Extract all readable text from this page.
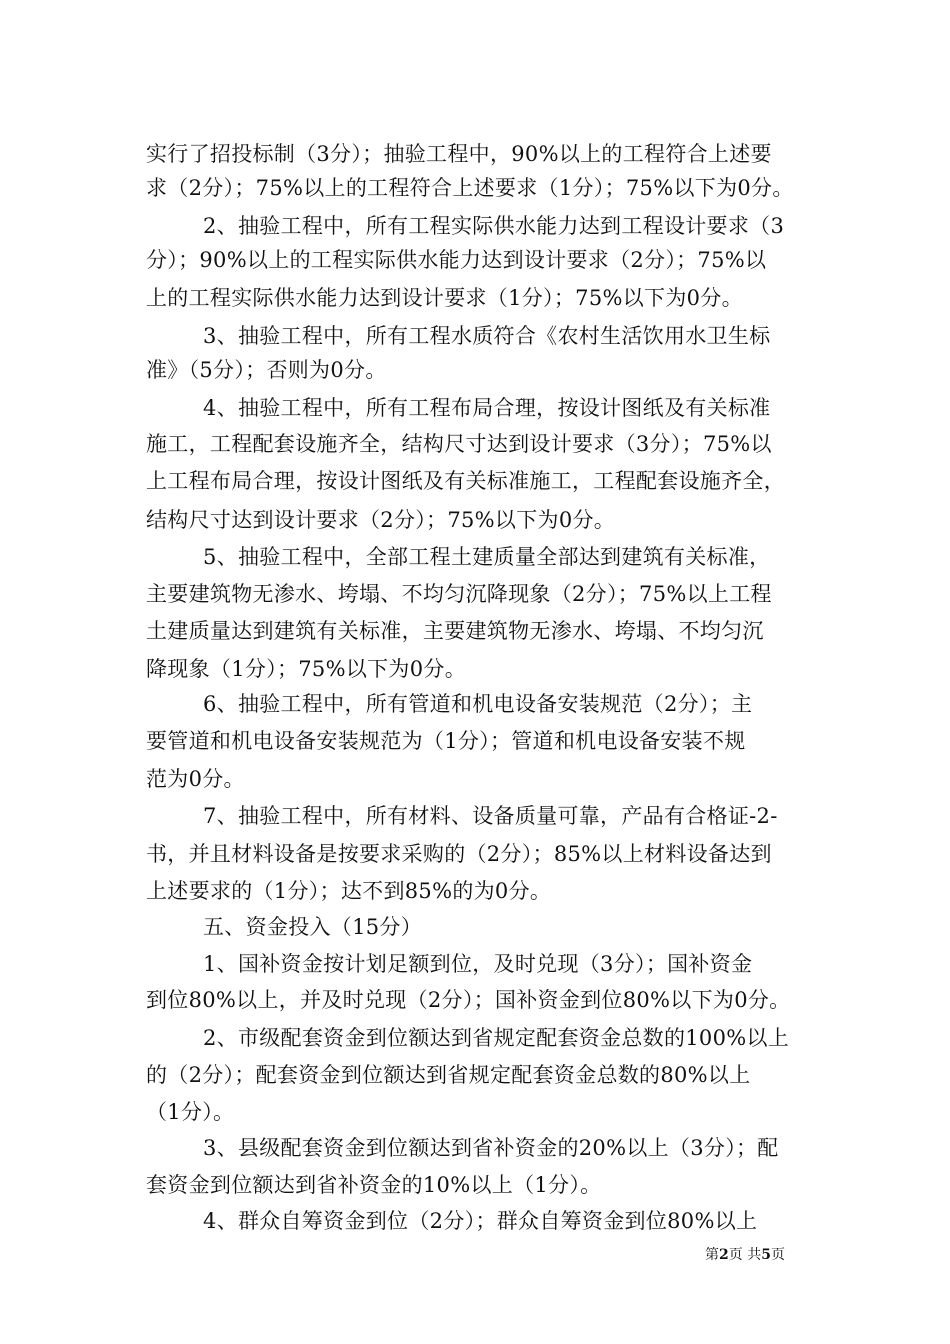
实行了招投标制（3分）；抽验工程中，90%以上的工程符合上述要
求（2分）；75%以上的工程符合上述要求（1分）；75%以下为0分。
2、抽验工程中，所有工程实际供水能力达到工程设计要求（3
分）；90%以上的工程实际供水能力达到设计要求（2分）；75%以
上的工程实际供水能力达到设计要求（1分）；75%以下为0分。
3、抽验工程中，所有工程水质符合《农村生活饮用水卫生标
准》（5分）；否则为0分。
4、抽验工程中，所有工程布局合理，按设计图纸及有关标准
施工，工程配套设施齐全，结构尺寸达到设计要求（3分）；75%以
上工程布局合理，按设计图纸及有关标准施工，工程配套设施齐全，
结构尺寸达到设计要求（2分）；75%以下为0分。
5、抽验工程中，全部工程土建质量全部达到建筑有关标准，
主要建筑物无渗水、垮塌、不均匀沉降现象（2分）；75%以上工程
土建质量达到建筑有关标准，主要建筑物无渗水、垮塌、不均匀沉
降现象（1分）；75%以下为0分。
6、抽验工程中，所有管道和机电设备安装规范（2分）；主
要管道和机电设备安装规范为（1分）；管道和机电设备安装不规
范为0分。
7、抽验工程中，所有材料、设备质量可靠，产品有合格证-2-
书，并且材料设备是按要求采购的（2分）；85%以上材料设备达到
上述要求的（1分）；达不到85%的为0分。
五、资金投入（15分）
1、国补资金按计划足额到位，及时兑现（3分）；国补资金
到位80%以上，并及时兑现（2分）；国补资金到位80%以下为0分。
2、市级配套资金到位额达到省规定配套资金总数的100%以上
的（2分）；配套资金到位额达到省规定配套资金总数的80%以上
（1分）。
3、县级配套资金到位额达到省补资金的20%以上（3分）；配
套资金到位额达到省补资金的10%以上（1分）。
4、群众自筹资金到位（2分）；群众自筹资金到位80%以上
第2页 共5页
